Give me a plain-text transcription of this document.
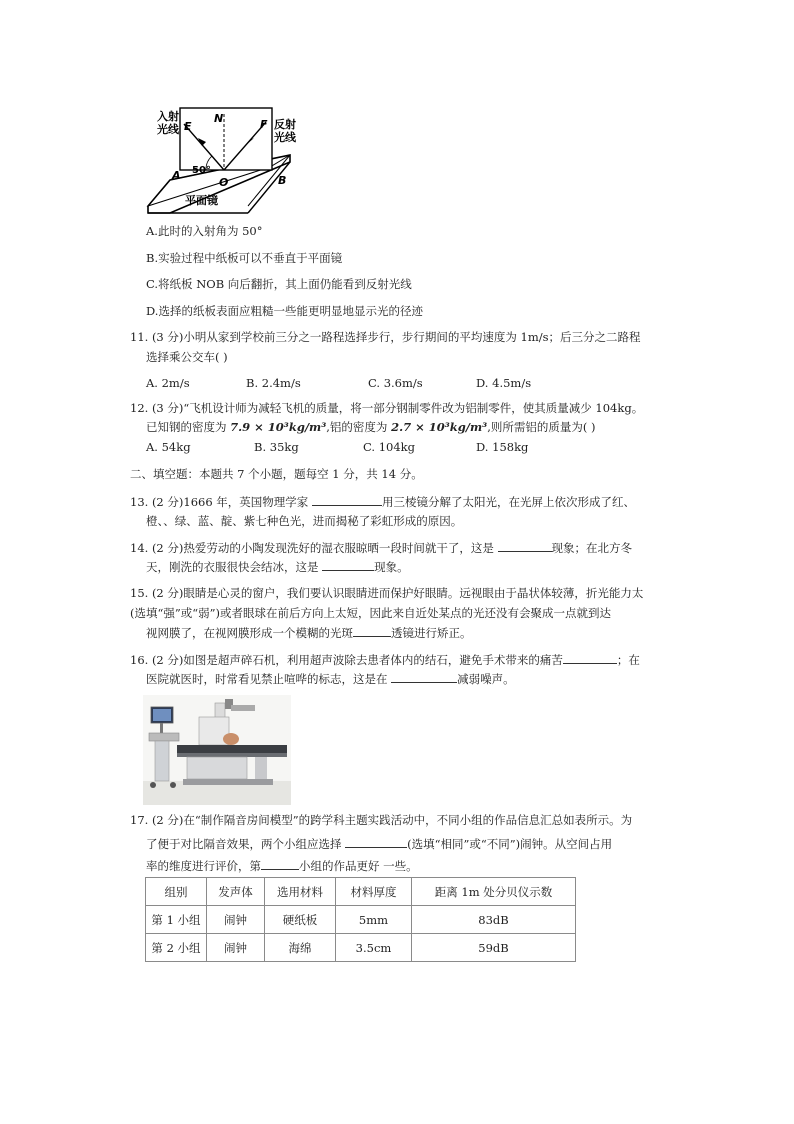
入射
光线	反射
光线
E
N	F
A
O	B
50°
平面镜
A.此时的入射角为 50°
B.实验过程中纸板可以不垂直于平面镜
C.将纸板 NOB 向后翻折，其上面仍能看到反射光线
D.选择的纸板表面应粗糙一些能更明显地显示光的径迹
11. (3 分)小明从家到学校前三分之一路程选择步行，步行期间的平均速度为 1m/s；后三分之二路程
选择乘公交车( )
A. 2m/s	B. 2.4m/s	C. 3.6m/s	D. 4.5m/s
12. (3 分)“飞机设计师为减轻飞机的质量，将一部分钢制零件改为铝制零件，使其质量减少 104kg。
已知钢的密度为 7.9 × 10³kg/m³,铝的密度为 2.7 × 10³kg/m³,则所需铝的质量为( )
A. 54kg	B. 35kg	C. 104kg	D. 158kg
二、填空题：本题共 7 个小题，题每空 1 分，共 14 分。
13. (2 分)1666 年，英国物理学家	用三棱镜分解了太阳光，在光屏上依次形成了红、
橙、、绿、蓝、靛、紫七种色光，进而揭秘了彩虹形成的原因。
14. (2 分)热爱劳动的小陶发现洗好的湿衣服晾晒一段时间就干了，这是	现象；在北方冬
天，刚洗的衣服很快会结冰，这是	现象。
15. (2 分)眼睛是心灵的窗户，我们要认识眼睛进而保护好眼睛。远视眼由于晶状体较薄，折光能力太
(选填“强”或“弱”)或者眼球在前后方向上太短，因此来自近处某点的光还没有会聚成一点就到达
视网膜了，在视网膜形成一个模糊的光斑	透镜进行矫正。
16. (2 分)如图是超声碎石机，利用超声波除去患者体内的结石，避免手术带来的痛苦	；在
医院就医时，时常看见禁止喧哗的标志，这是在	减弱噪声。
17. (2 分)在“制作隔音房间模型”的跨学科主题实践活动中，不同小组的作品信息汇总如表所示。为
了便于对比隔音效果，两个小组应选择	(选填“相同”或“不同”)闹钟。从空间占用
率的维度进行评价，第	小组的作品更好 一些。
组别	发声体	选用材料	材料厚度	距离 1m 处分贝仪示数
第 1 小组	闹钟	硬纸板	5mm	83dB
第 2 小组	闹钟	海绵	3.5cm	59dB
